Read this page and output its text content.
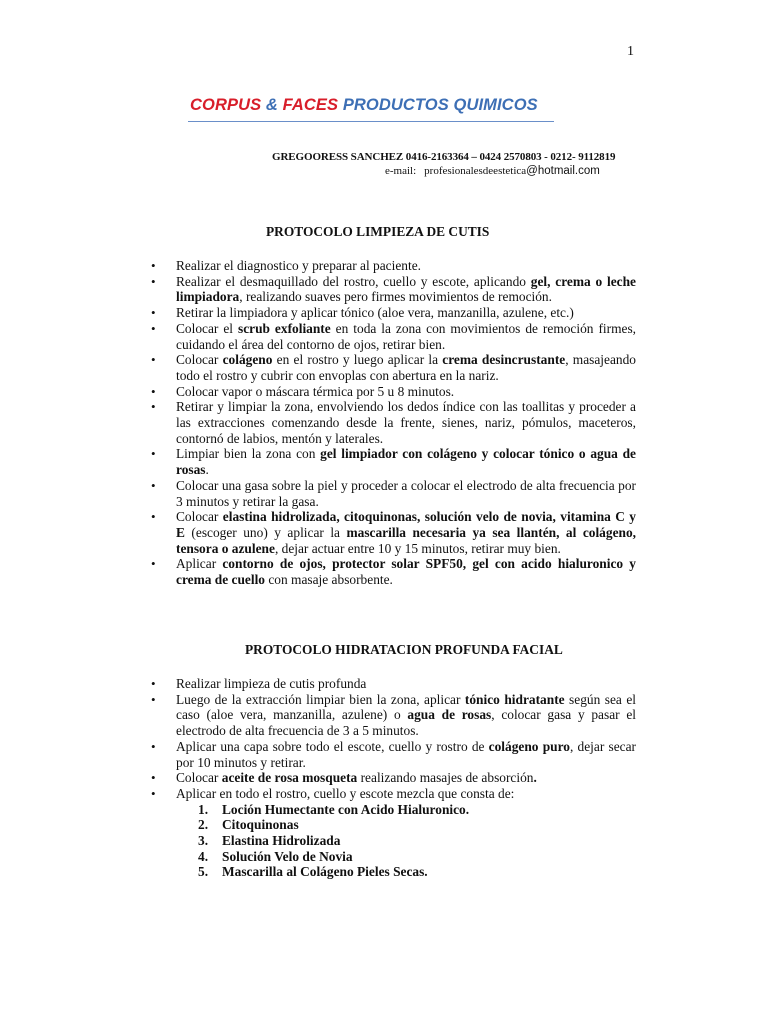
1
CORPUS & FACES PRODUCTOS QUIMICOS
GREGOORESS SANCHEZ 0416-2163364 – 0424 2570803 - 0212- 9112819
e-mail: profesionalesdeestetica@hotmail.com
PROTOCOLO LIMPIEZA DE CUTIS
• Realizar el diagnostico y preparar al paciente.
• Realizar el desmaquillado del rostro, cuello y escote, aplicando gel, crema o leche limpiadora, realizando suaves pero firmes movimientos de remoción.
• Retirar la limpiadora y aplicar tónico (aloe vera, manzanilla, azulene, etc.)
• Colocar el scrub exfoliante en toda la zona con movimientos de remoción firmes, cuidando el área del contorno de ojos, retirar bien.
• Colocar colágeno en el rostro y luego aplicar la crema desincrustante, masajeando todo el rostro y cubrir con envoplas con abertura en la nariz.
• Colocar vapor o máscara térmica por 5 u 8 minutos.
• Retirar y limpiar la zona, envolviendo los dedos índice con las toallitas y proceder a las extracciones comenzando desde la frente, sienes, nariz, pómulos, maceteros, contornó de labios, mentón y laterales.
• Limpiar bien la zona con gel limpiador con colágeno y colocar tónico o agua de rosas.
• Colocar una gasa sobre la piel y proceder a colocar el electrodo de alta frecuencia por 3 minutos y retirar la gasa.
• Colocar elastina hidrolizada, citoquinonas, solución velo de novia, vitamina C y E (escoger uno) y aplicar la mascarilla necesaria ya sea llantén, al colágeno, tensora o azulene, dejar actuar entre 10 y 15 minutos, retirar muy bien.
• Aplicar contorno de ojos, protector solar SPF50, gel con acido hialuronico y crema de cuello con masaje absorbente.
PROTOCOLO HIDRATACION PROFUNDA FACIAL
• Realizar limpieza de cutis profunda
• Luego de la extracción limpiar bien la zona, aplicar tónico hidratante según sea el caso (aloe vera, manzanilla, azulene) o agua de rosas, colocar gasa y pasar el electrodo de alta frecuencia de 3 a 5 minutos.
• Aplicar una capa sobre todo el escote, cuello y rostro de colágeno puro, dejar secar por 10 minutos y retirar.
• Colocar aceite de rosa mosqueta realizando masajes de absorción.
• Aplicar en todo el rostro, cuello y escote mezcla que consta de:
1. Loción Humectante con Acido Hialuronico.
2. Citoquinonas
3. Elastina Hidrolizada
4. Solución Velo de Novia
5. Mascarilla al Colágeno Pieles Secas.
